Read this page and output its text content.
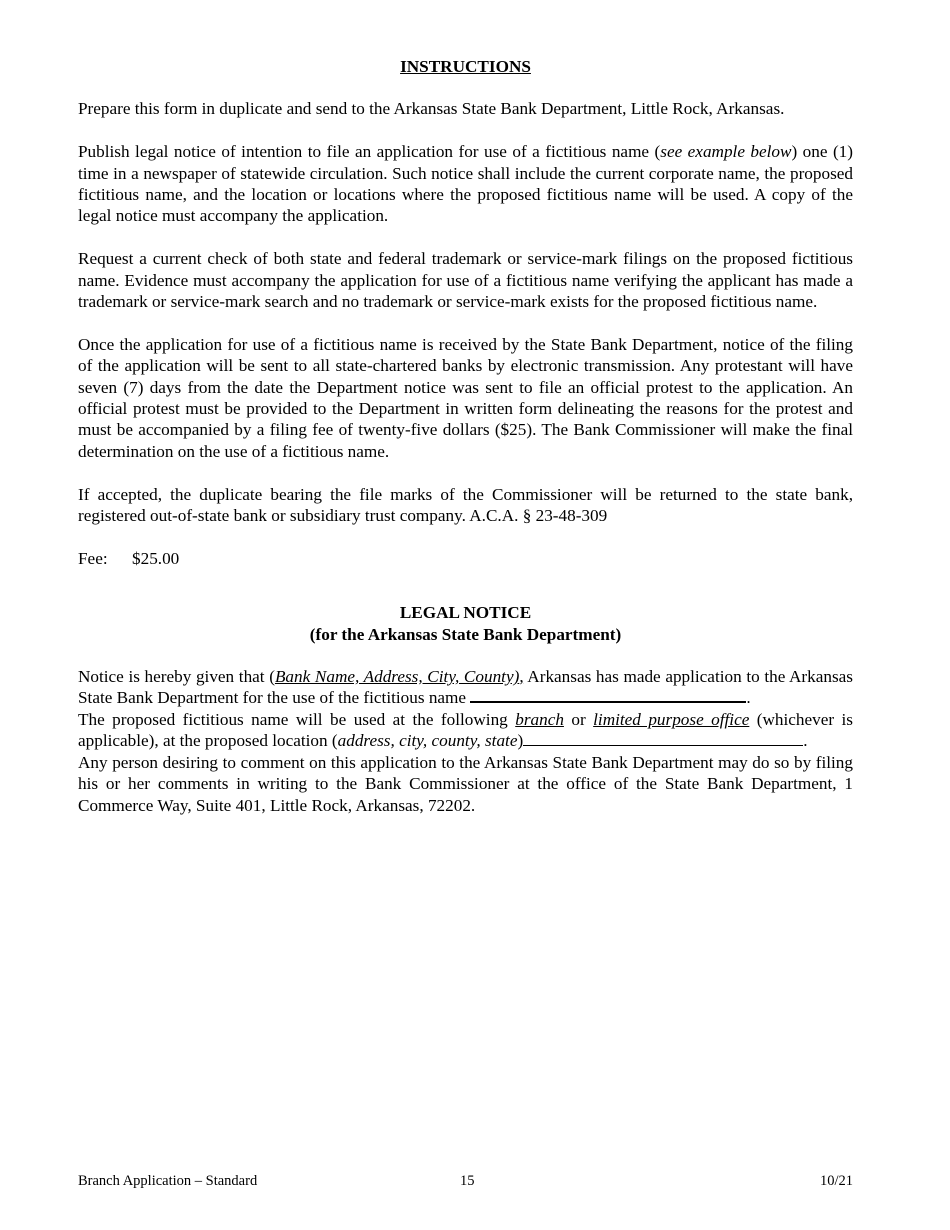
INSTRUCTIONS

Prepare this form in duplicate and send to the Arkansas State Bank Department, Little Rock, Arkansas.

Publish legal notice of intention to file an application for use of a fictitious name (see example below) one (1) time in a newspaper of statewide circulation. Such notice shall include the current corporate name, the proposed fictitious name, and the location or locations where the proposed fictitious name will be used. A copy of the legal notice must accompany the application.

Request a current check of both state and federal trademark or service-mark filings on the proposed fictitious name. Evidence must accompany the application for use of a fictitious name verifying the applicant has made a trademark or service-mark search and no trademark or service-mark exists for the proposed fictitious name.

Once the application for use of a fictitious name is received by the State Bank Department, notice of the filing of the application will be sent to all state-chartered banks by electronic transmission. Any protestant will have seven (7) days from the date the Department notice was sent to file an official protest to the application. An official protest must be provided to the Department in written form delineating the reasons for the protest and must be accompanied by a filing fee of twenty-five dollars ($25). The Bank Commissioner will make the final determination on the use of a fictitious name.

If accepted, the duplicate bearing the file marks of the Commissioner will be returned to the state bank, registered out-of-state bank or subsidiary trust company. A.C.A. § 23-48-309

Fee: $25.00

LEGAL NOTICE
(for the Arkansas State Bank Department)

Notice is hereby given that (Bank Name, Address, City, County), Arkansas has made application to the Arkansas State Bank Department for the use of the fictitious name	.
The proposed fictitious name will be used at the following branch or limited purpose office (whichever is applicable), at the proposed location (address, city, county, state)	.

Any person desiring to comment on this application to the Arkansas State Bank Department may do so by filing his or her comments in writing to the Bank Commissioner at the office of the State Bank Department, 1 Commerce Way, Suite 401, Little Rock, Arkansas, 72202.

Branch Application – Standard	15	10/21
